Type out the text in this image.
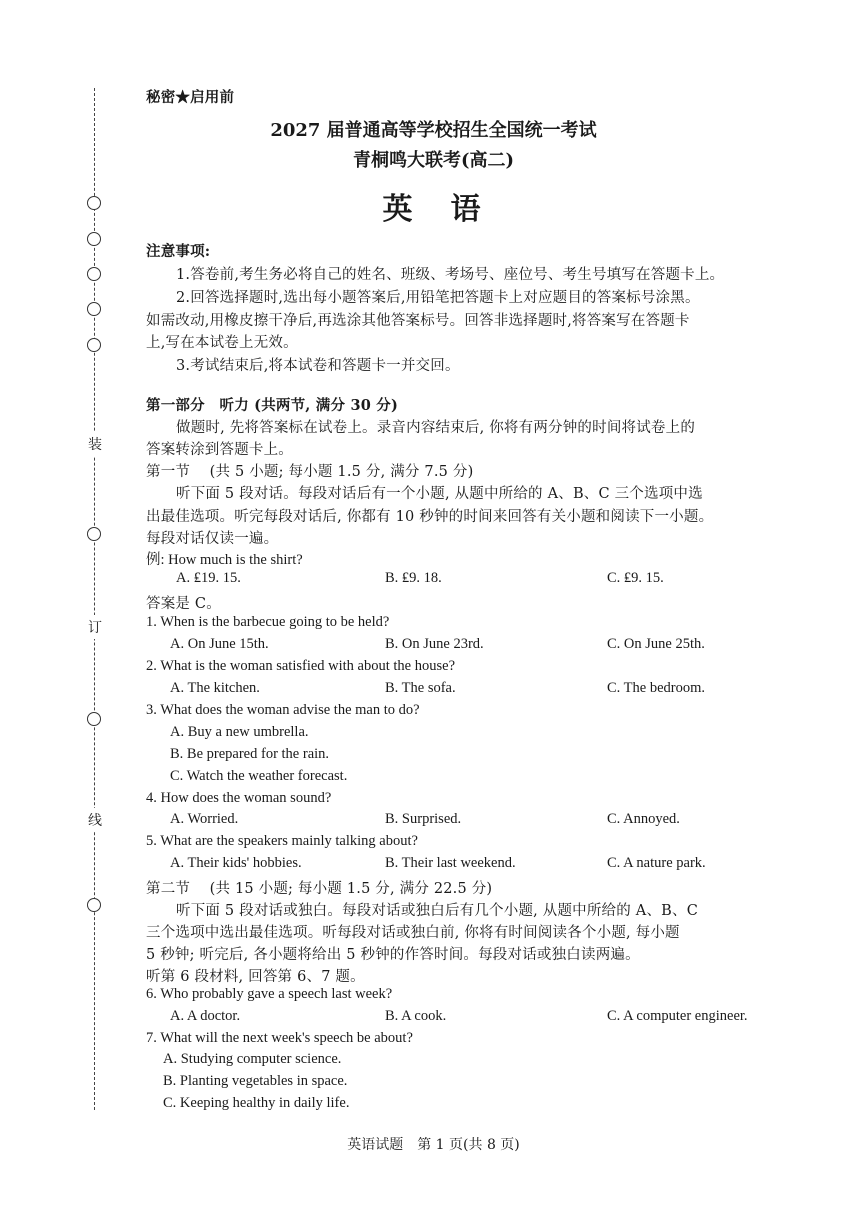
装
订
线
秘密★启用前
2027 届普通高等学校招生全国统一考试
青桐鸣大联考(高二)
英　语
注意事项:
1.答卷前,考生务必将自己的姓名、班级、考场号、座位号、考生号填写在答题卡上。
2.回答选择题时,选出每小题答案后,用铅笔把答题卡上对应题目的答案标号涂黑。
如需改动,用橡皮擦干净后,再选涂其他答案标号。回答非选择题时,将答案写在答题卡
上,写在本试卷上无效。
3.考试结束后,将本试卷和答题卡一并交回。
第一部分　听力 (共两节, 满分 30 分)
做题时, 先将答案标在试卷上。录音内容结束后, 你将有两分钟的时间将试卷上的
答案转涂到答题卡上。
第一节　 (共 5 小题; 每小题 1.5 分, 满分 7.5 分)
听下面 5 段对话。每段对话后有一个小题, 从题中所给的 A、B、C 三个选项中选
出最佳选项。听完每段对话后, 你都有 10 秒钟的时间来回答有关小题和阅读下一小题。
每段对话仅读一遍。
例: How much is the shirt?
A. ₤19. 15.	B. ₤9. 18.	C. ₤9. 15.
答案是 C。
1. When is the barbecue going to be held?
A. On June 15th.	B. On June 23rd.	C. On June 25th.
2. What is the woman satisfied with about the house?
A. The kitchen.	B. The sofa.	C. The bedroom.
3. What does the woman advise the man to do?
A. Buy a new umbrella.
B. Be prepared for the rain.
C. Watch the weather forecast.
4. How does the woman sound?
A. Worried.	B. Surprised.	C. Annoyed.
5. What are the speakers mainly talking about?
A. Their kids' hobbies.	B. Their last weekend.	C. A nature park.
第二节　 (共 15 小题; 每小题 1.5 分, 满分 22.5 分)
听下面 5 段对话或独白。每段对话或独白后有几个小题, 从题中所给的 A、B、C
三个选项中选出最佳选项。听每段对话或独白前, 你将有时间阅读各个小题, 每小题
5 秒钟; 听完后, 各小题将给出 5 秒钟的作答时间。每段对话或独白读两遍。
听第 6 段材料, 回答第 6、7 题。
6. Who probably gave a speech last week?
A. A doctor.	B. A cook.	C. A computer engineer.
7. What will the next week's speech be about?
A. Studying computer science.
B. Planting vegetables in space.
C. Keeping healthy in daily life.
英语试题　第 1 页(共 8 页)
